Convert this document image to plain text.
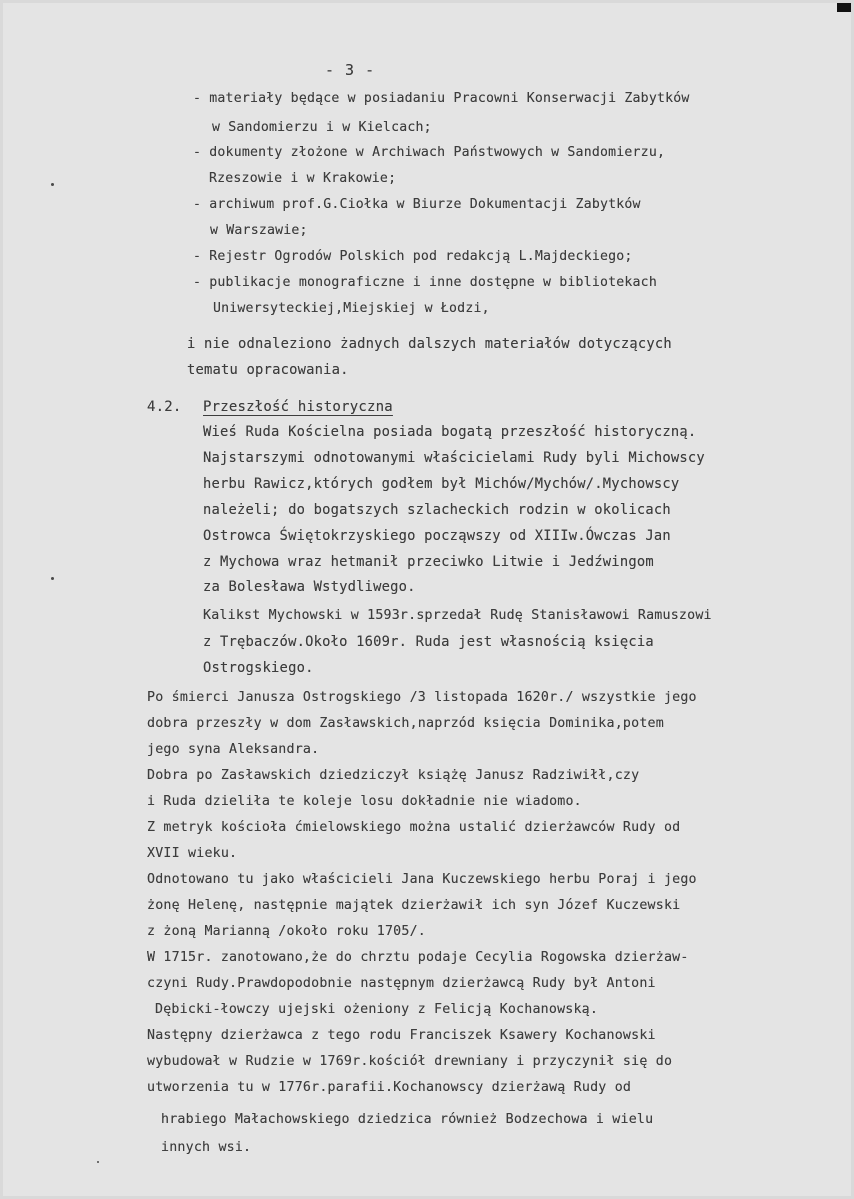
- 3 -
- materiały będące w posiadaniu Pracowni Konserwacji Zabytków
w Sandomierzu i w Kielcach;
- dokumenty złożone w Archiwach Państwowych w Sandomierzu,
Rzeszowie i w Krakowie;
- archiwum prof.G.Ciołka w Biurze Dokumentacji Zabytków
w Warszawie;
- Rejestr Ogrodów Polskich pod redakcją L.Majdeckiego;
- publikacje monograficzne i inne dostępne w bibliotekach
Uniwersyteckiej,Miejskiej w Łodzi,
i nie odnaleziono żadnych dalszych materiałów dotyczących
tematu opracowania.
4.2. Przeszłość historyczna
Wieś Ruda Kościelna posiada bogatą przeszłość historyczną.
Najstarszymi odnotowanymi właścicielami Rudy byli Michowscy
herbu Rawicz,których godłem był Michów/Mychów/.Mychowscy
należeli; do bogatszych szlacheckich rodzin w okolicach
Ostrowca Świętokrzyskiego począwszy od XIIIw.Ówczas Jan
z Mychowa wraz hetmanił przeciwko Litwie i Jedźwingom
za Bolesława Wstydliwego.
Kalikst Mychowski w 1593r.sprzedał Rudę Stanisławowi Ramuszowi
z Trębaczów.Około 1609r. Ruda jest własnością księcia
Ostrogskiego.
Po śmierci Janusza Ostrogskiego /3 listopada 1620r./ wszystkie jego
dobra przeszły w dom Zasławskich,naprzód księcia Dominika,potem
jego syna Aleksandra.
Dobra po Zasławskich dziedziczył książę Janusz Radziwiłł,czy
i Ruda dzieliła te koleje losu dokładnie nie wiadomo.
Z metryk kościoła ćmielowskiego można ustalić dzierżawców Rudy od
XVII wieku.
Odnotowano tu jako właścicieli Jana Kuczewskiego herbu Poraj i jego
żonę Helenę, następnie majątek dzierżawił ich syn Józef Kuczewski
z żoną Marianną /około roku 1705/.
W 1715r. zanotowano,że do chrztu podaje Cecylia Rogowska dzierżaw-
czyni Rudy.Prawdopodobnie następnym dzierżawcą Rudy był Antoni
Dębicki-łowczy ujejski ożeniony z Felicją Kochanowską.
Następny dzierżawca z tego rodu Franciszek Ksawery Kochanowski
wybudował w Rudzie w 1769r.kościół drewniany i przyczynił się do
utworzenia tu w 1776r.parafii.Kochanowscy dzierżawą Rudy od
hrabiego Małachowskiego dziedzica również Bodzechowa i wielu
innych wsi.
